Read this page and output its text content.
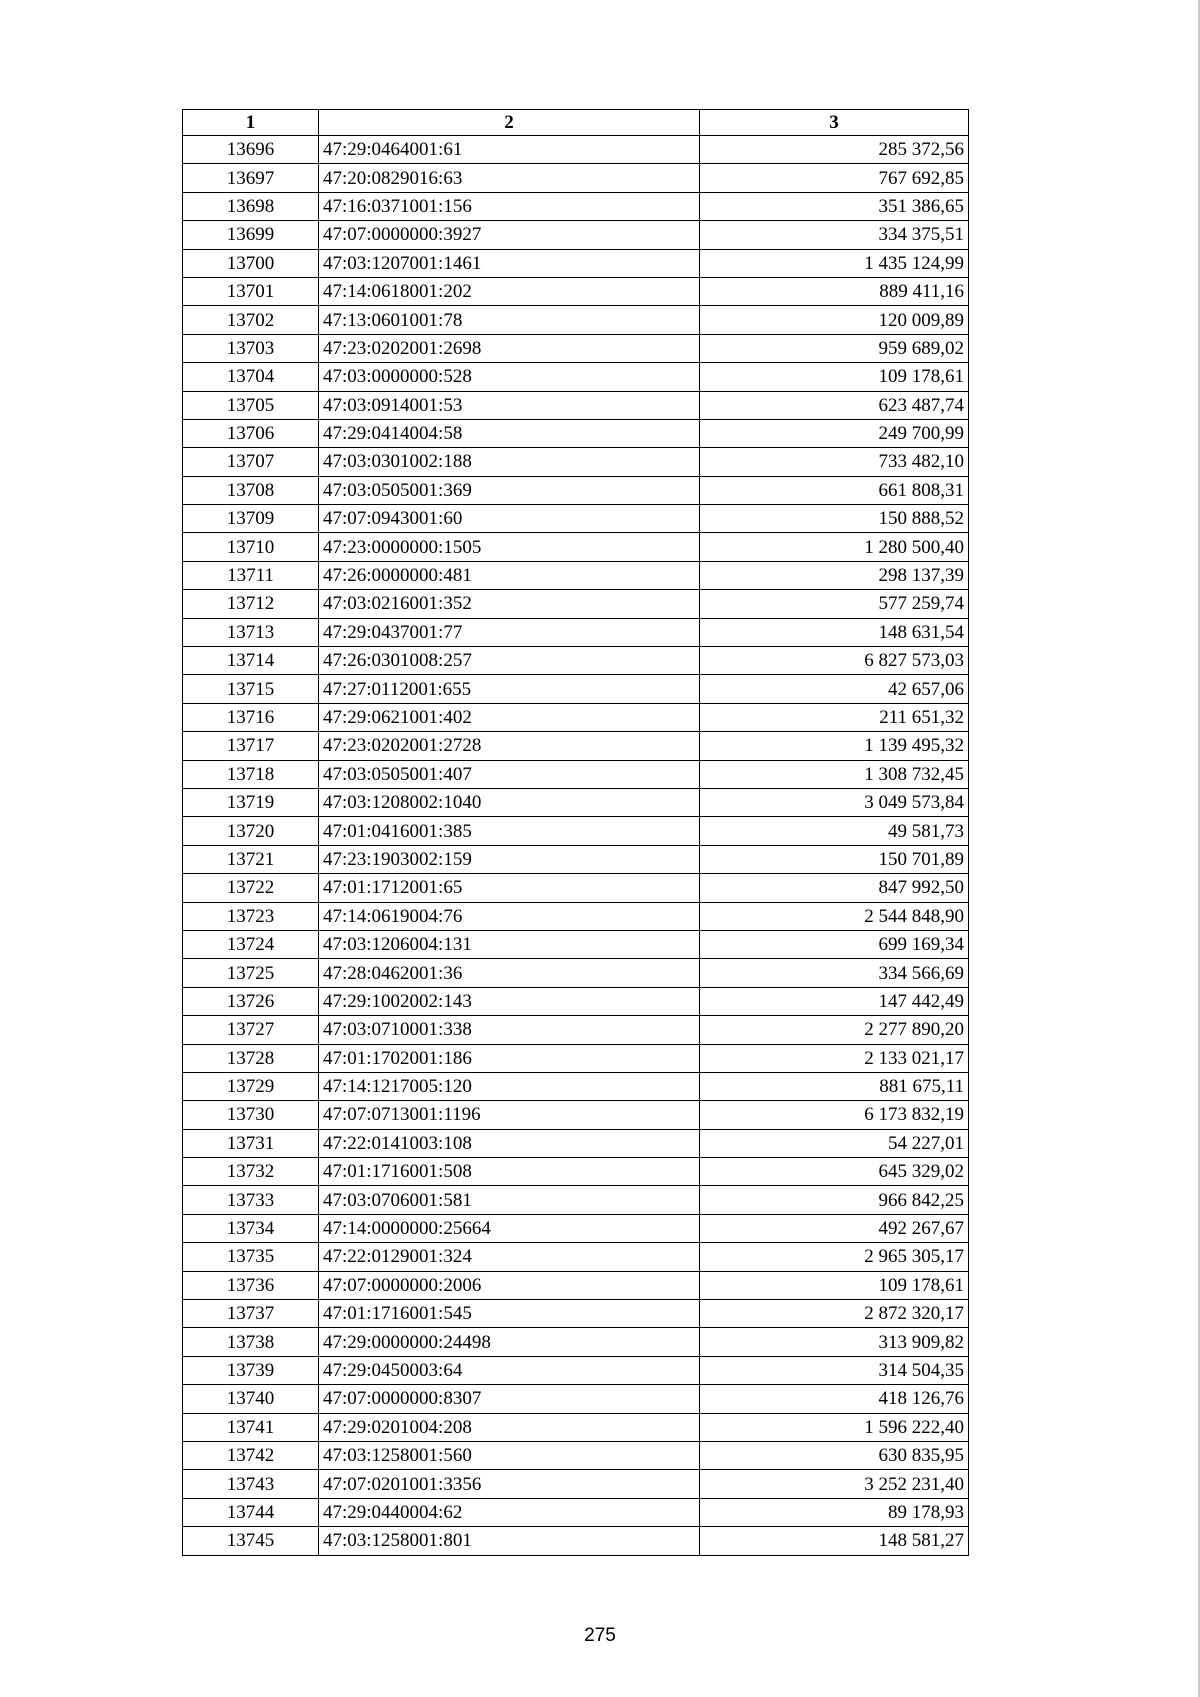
1	2	3
13696	47:29:0464001:61	285 372,56
13697	47:20:0829016:63	767 692,85
13698	47:16:0371001:156	351 386,65
13699	47:07:0000000:3927	334 375,51
13700	47:03:1207001:1461	1 435 124,99
13701	47:14:0618001:202	889 411,16
13702	47:13:0601001:78	120 009,89
13703	47:23:0202001:2698	959 689,02
13704	47:03:0000000:528	109 178,61
13705	47:03:0914001:53	623 487,74
13706	47:29:0414004:58	249 700,99
13707	47:03:0301002:188	733 482,10
13708	47:03:0505001:369	661 808,31
13709	47:07:0943001:60	150 888,52
13710	47:23:0000000:1505	1 280 500,40
13711	47:26:0000000:481	298 137,39
13712	47:03:0216001:352	577 259,74
13713	47:29:0437001:77	148 631,54
13714	47:26:0301008:257	6 827 573,03
13715	47:27:0112001:655	42 657,06
13716	47:29:0621001:402	211 651,32
13717	47:23:0202001:2728	1 139 495,32
13718	47:03:0505001:407	1 308 732,45
13719	47:03:1208002:1040	3 049 573,84
13720	47:01:0416001:385	49 581,73
13721	47:23:1903002:159	150 701,89
13722	47:01:1712001:65	847 992,50
13723	47:14:0619004:76	2 544 848,90
13724	47:03:1206004:131	699 169,34
13725	47:28:0462001:36	334 566,69
13726	47:29:1002002:143	147 442,49
13727	47:03:0710001:338	2 277 890,20
13728	47:01:1702001:186	2 133 021,17
13729	47:14:1217005:120	881 675,11
13730	47:07:0713001:1196	6 173 832,19
13731	47:22:0141003:108	54 227,01
13732	47:01:1716001:508	645 329,02
13733	47:03:0706001:581	966 842,25
13734	47:14:0000000:25664	492 267,67
13735	47:22:0129001:324	2 965 305,17
13736	47:07:0000000:2006	109 178,61
13737	47:01:1716001:545	2 872 320,17
13738	47:29:0000000:24498	313 909,82
13739	47:29:0450003:64	314 504,35
13740	47:07:0000000:8307	418 126,76
13741	47:29:0201004:208	1 596 222,40
13742	47:03:1258001:560	630 835,95
13743	47:07:0201001:3356	3 252 231,40
13744	47:29:0440004:62	89 178,93
13745	47:03:1258001:801	148 581,27
275
